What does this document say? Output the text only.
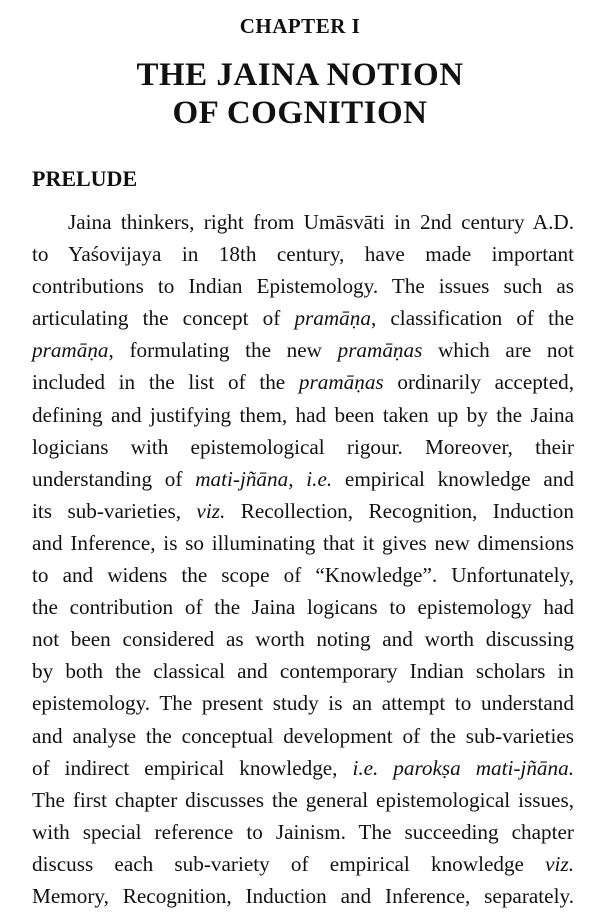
CHAPTER I
THE JAINA NOTION
OF COGNITION
PRELUDE
Jaina thinkers, right from Umāsvāti in 2nd century A.D.
to Yaśovijaya in 18th century, have made important
contributions to Indian Epistemology. The issues such as
articulating the concept of pramāṇa, classification of the
pramāṇa, formulating the new pramāṇas which are not
included in the list of the pramāṇas ordinarily accepted,
defining and justifying them, had been taken up by the Jaina
logicians with epistemological rigour. Moreover, their
understanding of mati-jñāna, i.e. empirical knowledge and
its sub-varieties, viz. Recollection, Recognition, Induction
and Inference, is so illuminating that it gives new dimensions
to and widens the scope of “Knowledge”. Unfortunately,
the contribution of the Jaina logicans to epistemology had
not been considered as worth noting and worth discussing
by both the classical and contemporary Indian scholars in
epistemology. The present study is an attempt to understand
and analyse the conceptual development of the sub-varieties
of indirect empirical knowledge, i.e. parokṣa mati-jñāna.
The first chapter discusses the general epistemological issues,
with special reference to Jainism. The succeeding chapter
discuss each sub-variety of empirical knowledge viz.
Memory, Recognition, Induction and Inference, separately.
